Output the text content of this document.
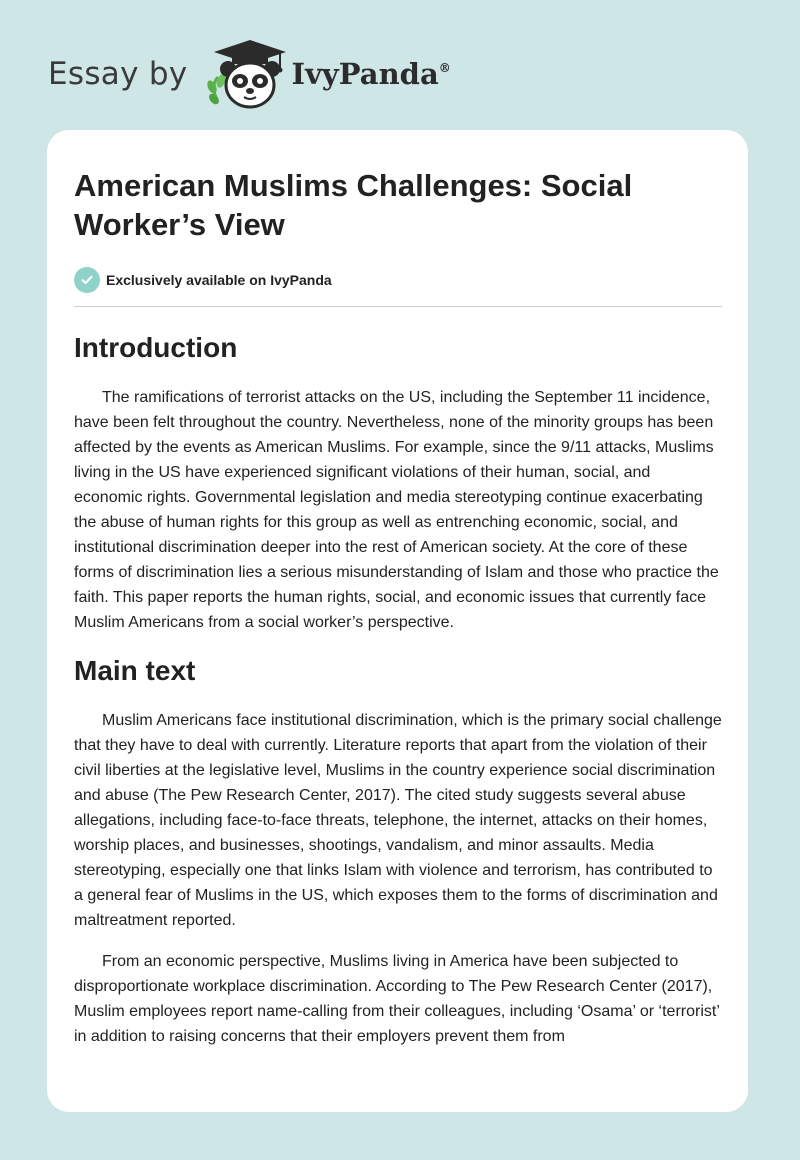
Essay by	IvyPanda®
American Muslims Challenges: Social Worker’s View
Exclusively available on IvyPanda
Introduction

The ramifications of terrorist attacks on the US, including the September 11 incidence, have been felt throughout the country. Nevertheless, none of the minority groups has been affected by the events as American Muslims. For example, since the 9/11 attacks, Muslims living in the US have experienced significant violations of their human, social, and economic rights. Governmental legislation and media stereotyping continue exacerbating the abuse of human rights for this group as well as entrenching economic, social, and institutional discrimination deeper into the rest of American society. At the core of these forms of discrimination lies a serious misunderstanding of Islam and those who practice the faith. This paper reports the human rights, social, and economic issues that currently face Muslim Americans from a social worker’s perspective.

Main text

Muslim Americans face institutional discrimination, which is the primary social challenge that they have to deal with currently. Literature reports that apart from the violation of their civil liberties at the legislative level, Muslims in the country experience social discrimination and abuse (The Pew Research Center, 2017). The cited study suggests several abuse allegations, including face-to-face threats, telephone, the internet, attacks on their homes, worship places, and businesses, shootings, vandalism, and minor assaults. Media stereotyping, especially one that links Islam with violence and terrorism, has contributed to a general fear of Muslims in the US, which exposes them to the forms of discrimination and maltreatment reported.

From an economic perspective, Muslims living in America have been subjected to disproportionate workplace discrimination. According to The Pew Research Center (2017), Muslim employees report name-calling from their colleagues, including ‘Osama’ or ‘terrorist’ in addition to raising concerns that their employers prevent them from
